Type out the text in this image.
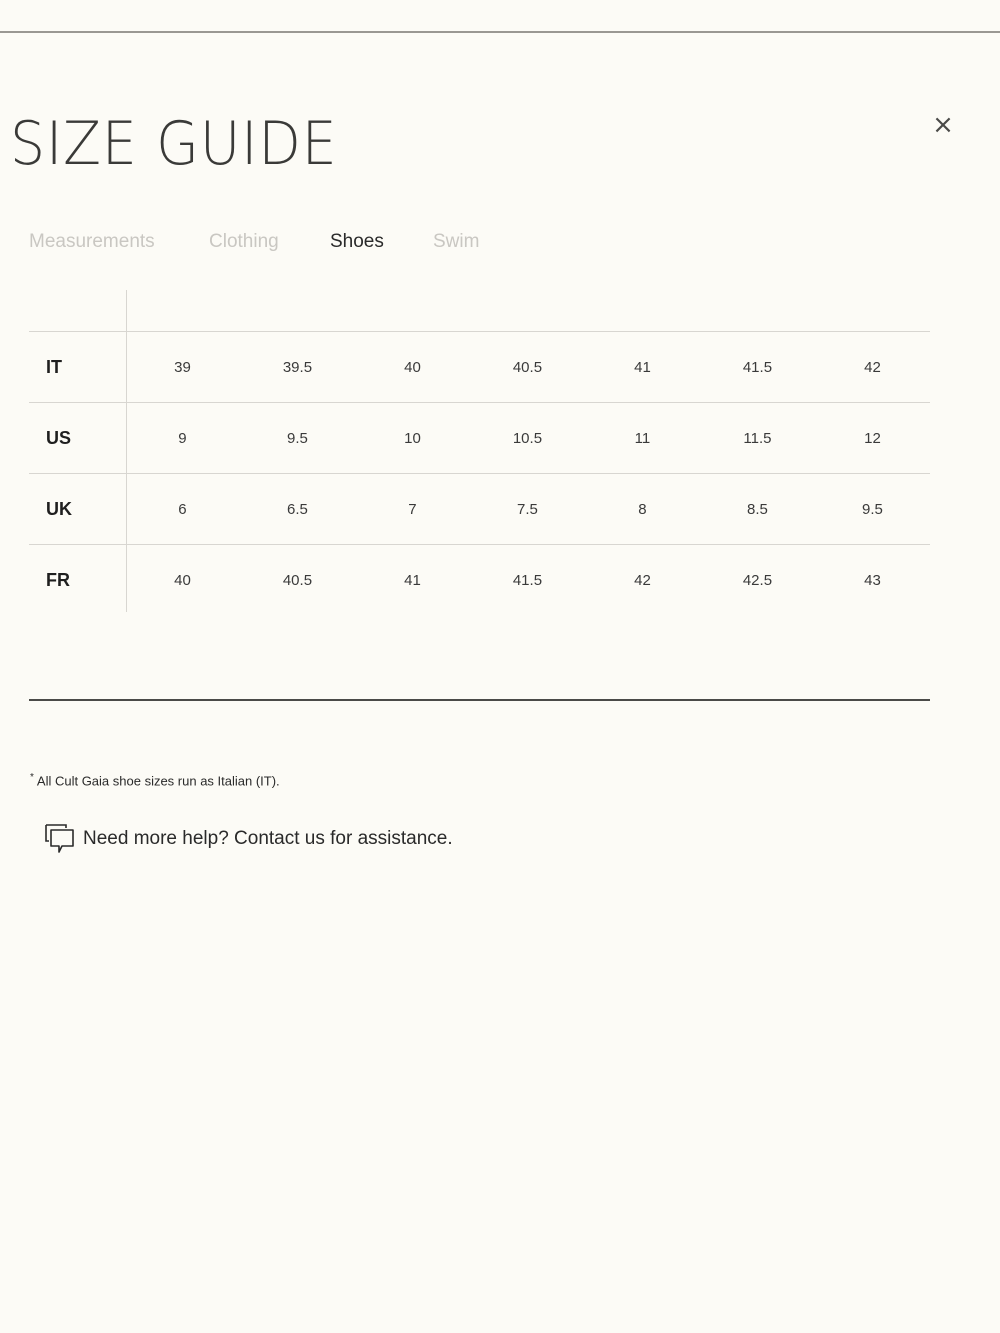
SIZE GUIDE	×
Measurements	Clothing	Shoes	Swim
IT	39	39.5	40	40.5	41	41.5	42
US	9	9.5	10	10.5	11	11.5	12
UK	6	6.5	7	7.5	8	8.5	9.5
FR	40	40.5	41	41.5	42	42.5	43
* All Cult Gaia shoe sizes run as Italian (IT).
Need more help? Contact us for assistance.
